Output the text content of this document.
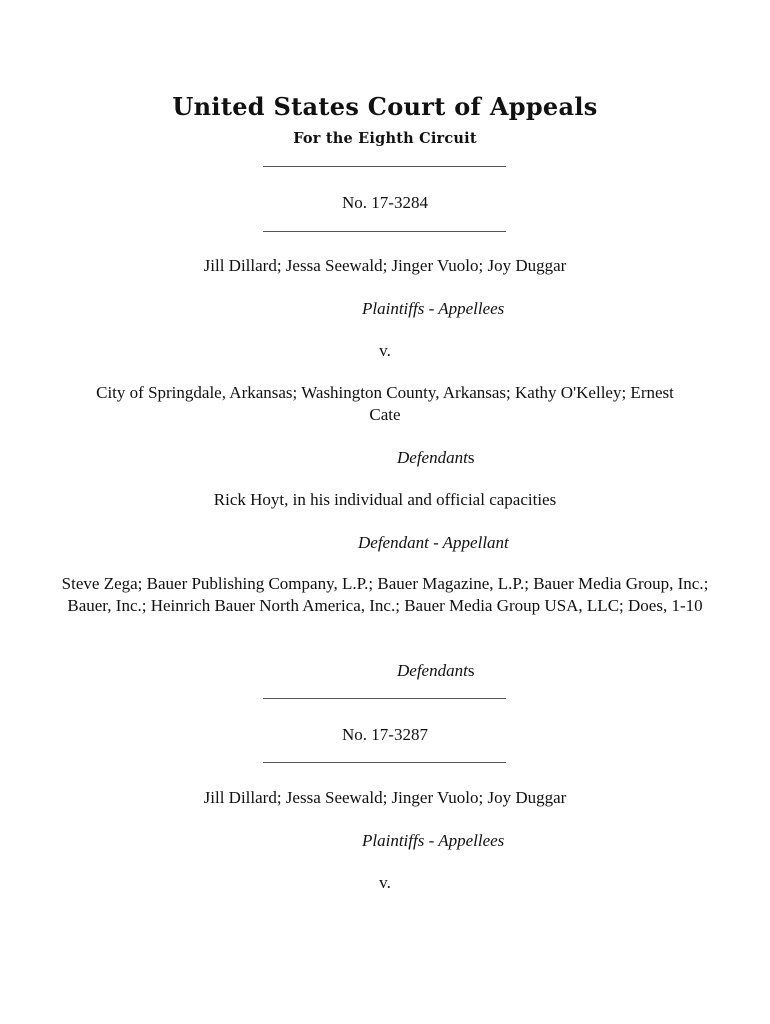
United States Court of Appeals
For the Eighth Circuit
No. 17-3284
Jill Dillard; Jessa Seewald; Jinger Vuolo; Joy Duggar
Plaintiffs - Appellees
v.
City of Springdale, Arkansas; Washington County, Arkansas; Kathy O'Kelley; Ernest Cate
Defendants
Rick Hoyt, in his individual and official capacities
Defendant - Appellant
Steve Zega; Bauer Publishing Company, L.P.; Bauer Magazine, L.P.; Bauer Media Group, Inc.; Bauer, Inc.; Heinrich Bauer North America, Inc.; Bauer Media Group USA, LLC; Does, 1-10
Defendants
No. 17-3287
Jill Dillard; Jessa Seewald; Jinger Vuolo; Joy Duggar
Plaintiffs - Appellees
v.
